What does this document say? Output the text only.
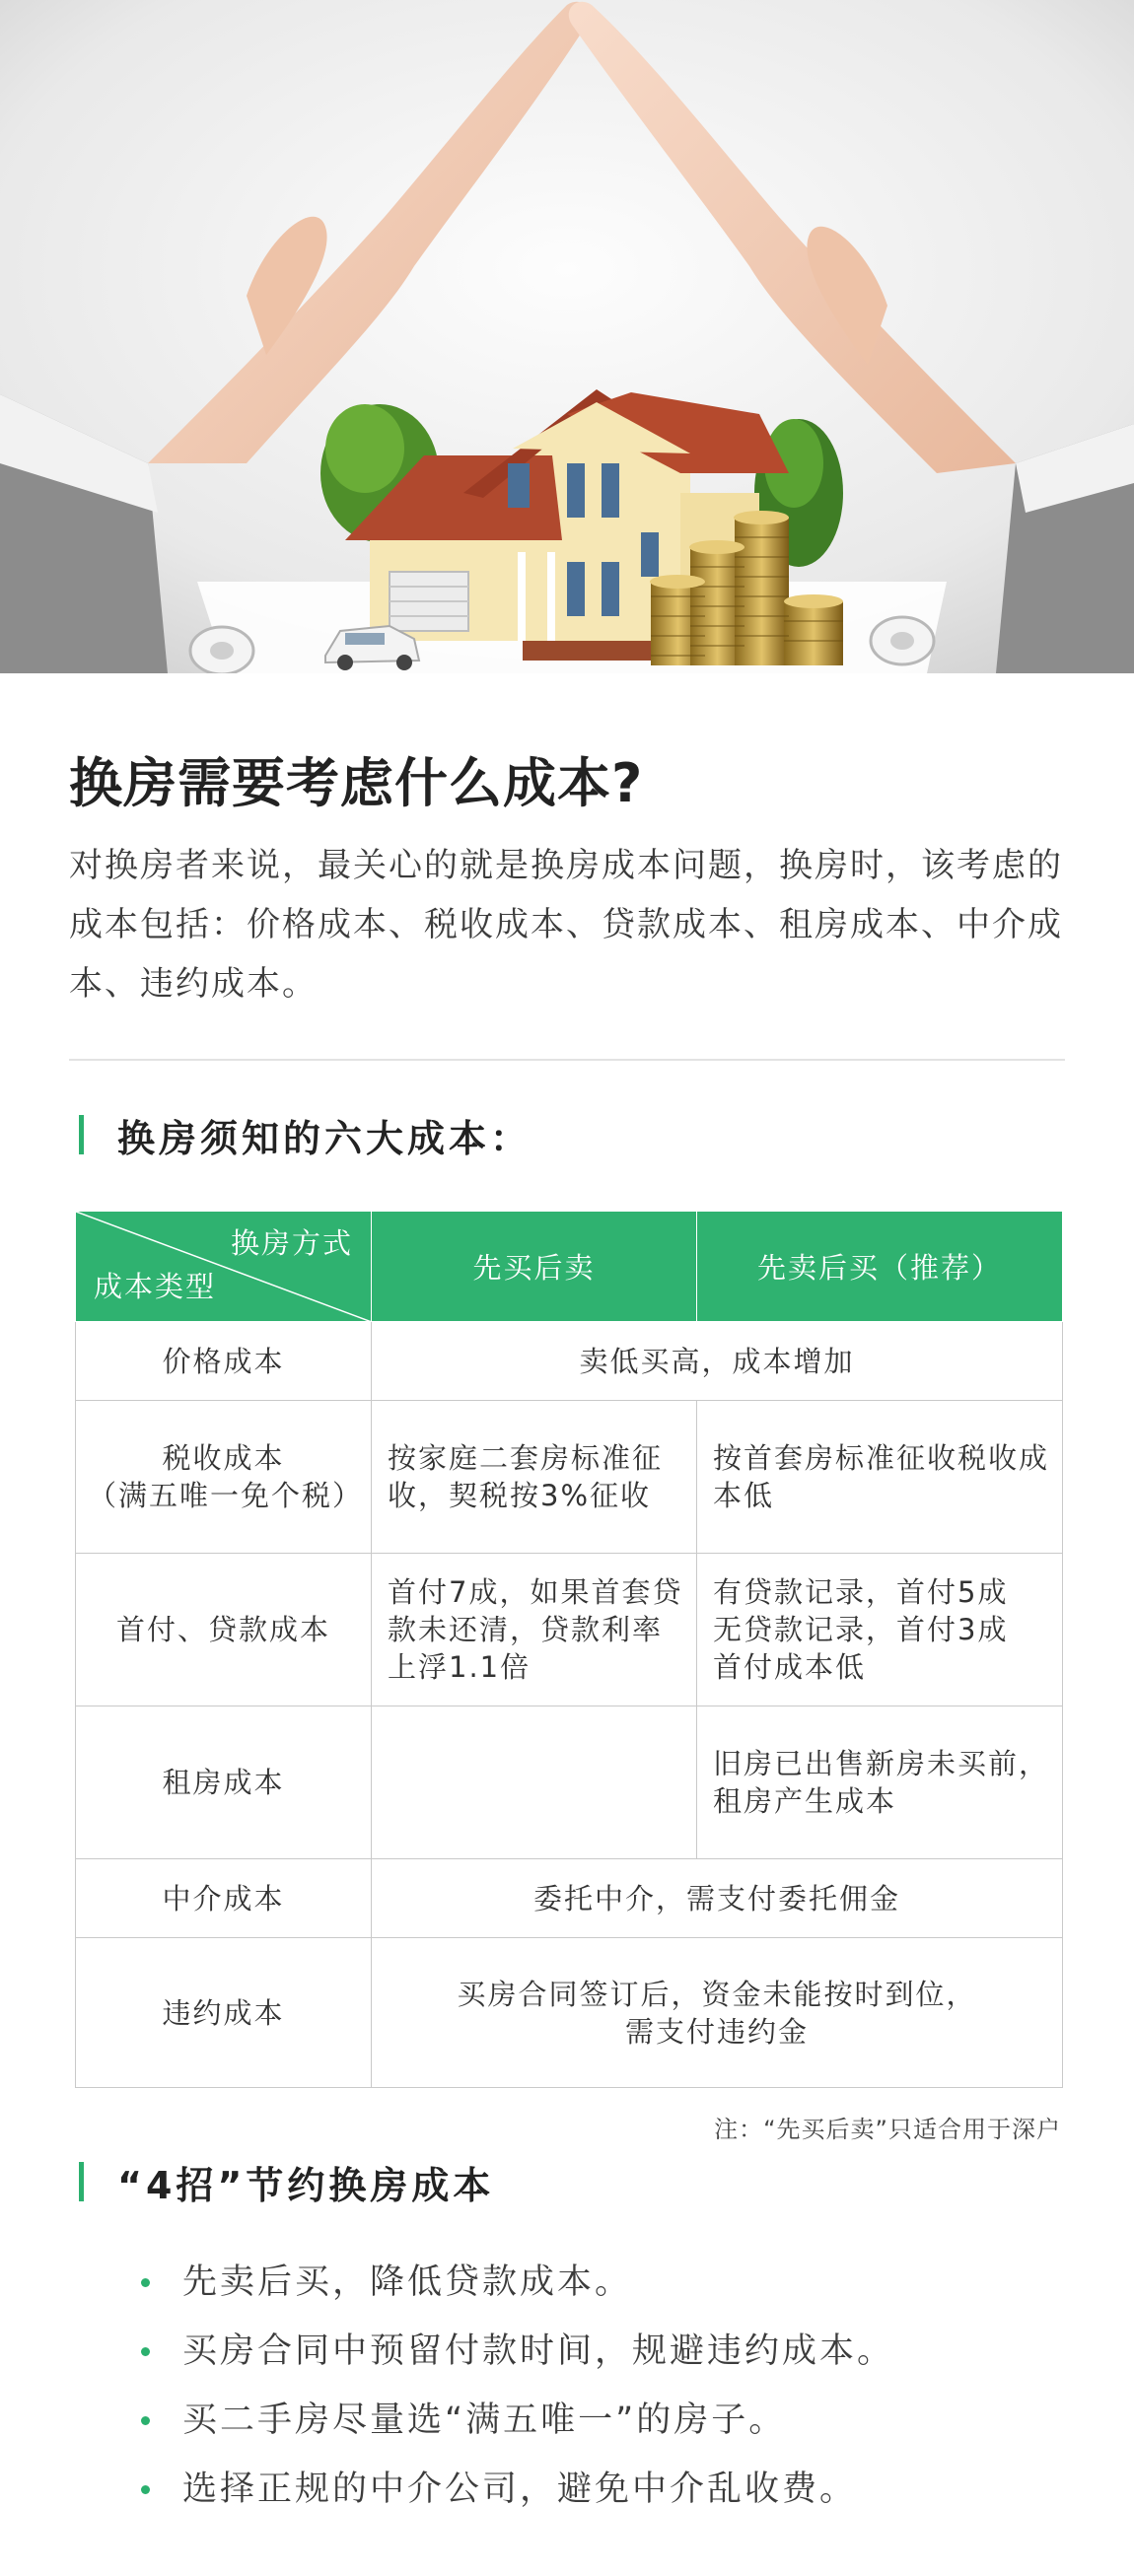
换房需要考虑什么成本?

对换房者来说，最关心的就是换房成本问题，换房时，该考虑的成本包括：价格成本、税收成本、贷款成本、租房成本、中介成本、违约成本。

换房须知的六大成本：
换房方式
成本类型	先买后卖	先卖后买（推荐）
价格成本	卖低买高，成本增加	

税收成本
（满五唯一免个税）	按家庭二套房标准征收，契税按3%征收	按首套房标准征收税收成本低
首付、贷款成本	首付7成，如果首套贷款未还清，贷款利率上浮1.1倍	有贷款记录，首付5成
无贷款记录，首付3成
首付成本低

租房成本		旧房已出售新房未买前，租房产生成本
中介成本	委托中介，需支付委托佣金	
违约成本	买房合同签订后，资金未能按时到位，
需支付违约金	
注：“先买后卖”只适合用于深户
“4招”节约换房成本
先卖后买，降低贷款成本。
买房合同中预留付款时间，规避违约成本。
买二手房尽量选“满五唯一”的房子。
选择正规的中介公司，避免中介乱收费。
